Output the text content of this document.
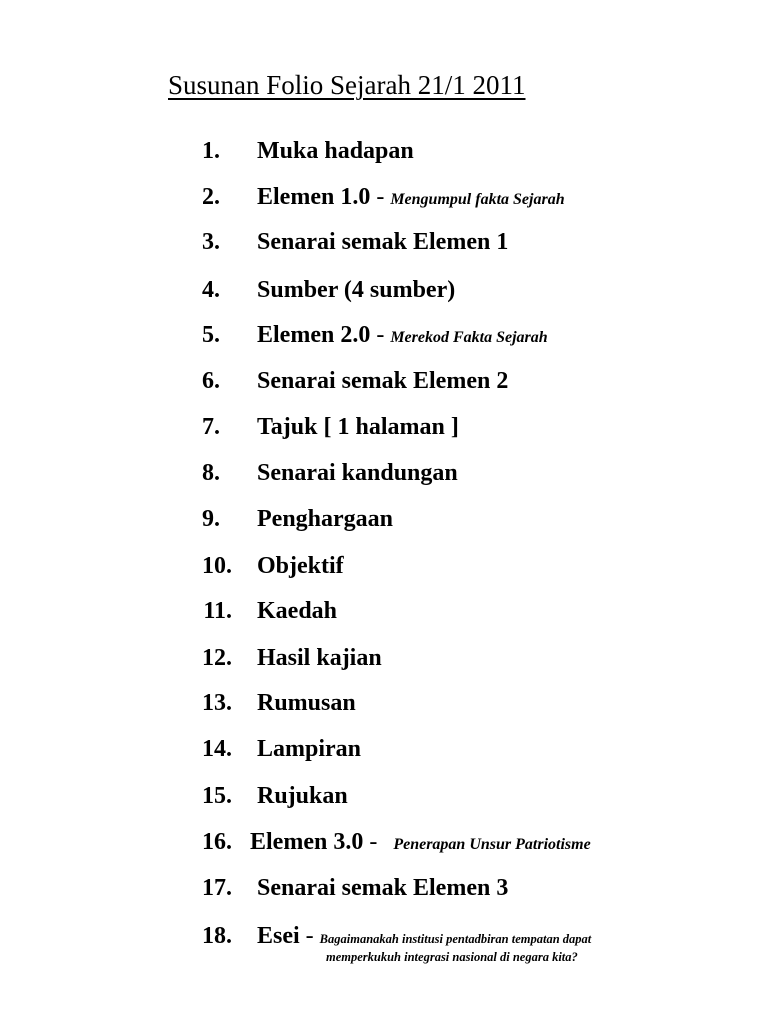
Susunan Folio Sejarah 21/1 2011
1. Muka hadapan
2. Elemen 1.0 - Mengumpul fakta Sejarah
3. Senarai semak Elemen 1
4. Sumber (4 sumber)
5. Elemen 2.0 - Merekod Fakta Sejarah
6. Senarai semak Elemen 2
7. Tajuk [ 1 halaman ]
8. Senarai kandungan
9. Penghargaan
10. Objektif
11. Kaedah
12. Hasil kajian
13. Rumusan
14. Lampiran
15. Rujukan
16. Elemen 3.0 - Penerapan Unsur Patriotisme
17. Senarai semak Elemen 3
18. Esei - Bagaimanakah institusi pentadbiran tempatan dapat
memperkukuh integrasi nasional di negara kita?
